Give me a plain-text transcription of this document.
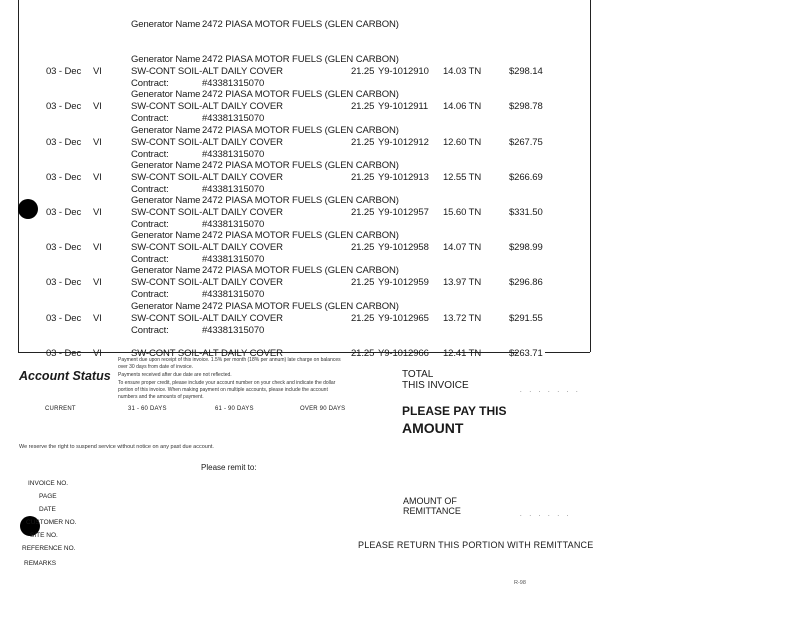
Generator Name 2472 PIASA MOTOR FUELS (GLEN CARBON)
Generator Name 2472 PIASA MOTOR FUELS (GLEN CARBON)
03 - Dec VI	SW-CONT SOIL-ALT DAILY COVER	21.25 Y9-1012910 14.03 TN	$298.14
Contract:	#43381315070
Generator Name 2472 PIASA MOTOR FUELS (GLEN CARBON)
03 - Dec VI	SW-CONT SOIL-ALT DAILY COVER	21.25 Y9-1012911 14.06 TN	$298.78
Contract:	#43381315070
Generator Name 2472 PIASA MOTOR FUELS (GLEN CARBON)
03 - Dec VI	SW-CONT SOIL-ALT DAILY COVER	21.25 Y9-1012912 12.60 TN	$267.75
Contract:	#43381315070
Generator Name 2472 PIASA MOTOR FUELS (GLEN CARBON)
03 - Dec VI	SW-CONT SOIL-ALT DAILY COVER	21.25 Y9-1012913 12.55 TN	$266.69
Contract:	#43381315070
Generator Name 2472 PIASA MOTOR FUELS (GLEN CARBON)
03 - Dec VI	SW-CONT SOIL-ALT DAILY COVER	21.25 Y9-1012957 15.60 TN	$331.50
Contract:	#43381315070
Generator Name 2472 PIASA MOTOR FUELS (GLEN CARBON)
03 - Dec VI	SW-CONT SOIL-ALT DAILY COVER	21.25 Y9-1012958 14.07 TN	$298.99
Contract:	#43381315070
Generator Name 2472 PIASA MOTOR FUELS (GLEN CARBON)
03 - Dec VI	SW-CONT SOIL-ALT DAILY COVER	21.25 Y9-1012959 13.97 TN	$296.86
Contract:	#43381315070
Generator Name 2472 PIASA MOTOR FUELS (GLEN CARBON)
03 - Dec VI	SW-CONT SOIL-ALT DAILY COVER	21.25 Y9-1012965 13.72 TN	$291.55
Contract:	#43381315070
03 - Dec VI	SW-CONT SOIL-ALT DAILY COVER	21.25 Y9-1012966 12.41 TN	$263.71
Account Status
Payment due upon receipt of this invoice. 1.5% per month (18% per annum) late charge on balances
over 30 days from date of invoice.
Payments received after due date are not reflected.
To ensure proper credit, please include your account number on your check and indicate the dollar
portion of this invoice. When making payment on multiple accounts, please include the account
numbers and the amounts of payment.
CURRENT	31 - 60 DAYS	61 - 90 DAYS	OVER 90 DAYS
We reserve the right to suspend service without notice on any past due account.
TOTAL
THIS INVOICE	. . . . . . .
PLEASE PAY THIS
AMOUNT
Please remit to:
INVOICE NO.
PAGE
DATE
CUSTOMER NO.
SITE NO.
REFERENCE NO.
REMARKS
AMOUNT OF
REMITTANCE	. . . . . .
PLEASE RETURN THIS PORTION WITH REMITTANCE
R-98
